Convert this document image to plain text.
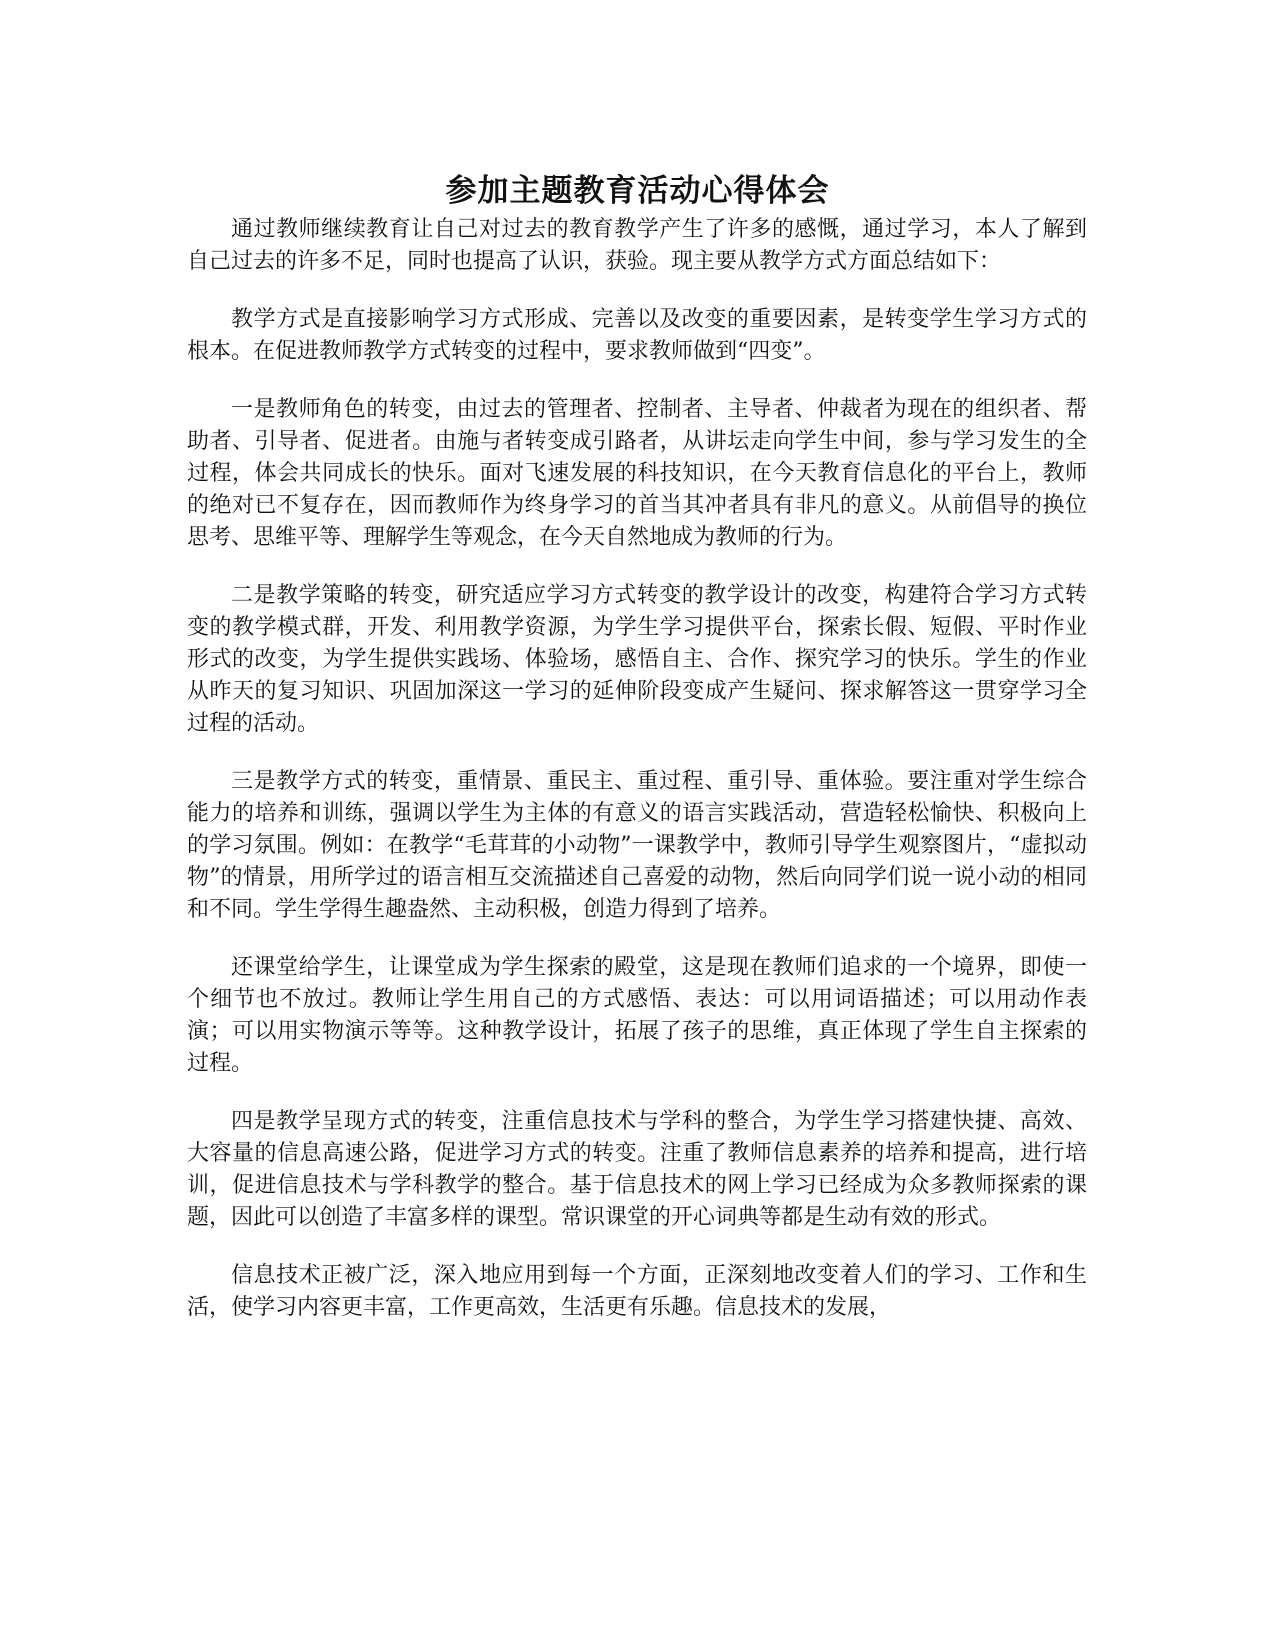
参加主题教育活动心得体会

通过教师继续教育让自己对过去的教育教学产生了许多的感慨，通过学习，本人了解到自己过去的许多不足，同时也提高了认识，获验。现主要从教学方式方面总结如下：

教学方式是直接影响学习方式形成、完善以及改变的重要因素，是转变学生学习方式的根本。在促进教师教学方式转变的过程中，要求教师做到“四变”。

一是教师角色的转变，由过去的管理者、控制者、主导者、仲裁者为现在的组织者、帮助者、引导者、促进者。由施与者转变成引路者，从讲坛走向学生中间，参与学习发生的全过程，体会共同成长的快乐。面对飞速发展的科技知识，在今天教育信息化的平台上，教师的绝对已不复存在，因而教师作为终身学习的首当其冲者具有非凡的意义。从前倡导的换位思考、思维平等、理解学生等观念，在今天自然地成为教师的行为。

二是教学策略的转变，研究适应学习方式转变的教学设计的改变，构建符合学习方式转变的教学模式群，开发、利用教学资源，为学生学习提供平台，探索长假、短假、平时作业形式的改变，为学生提供实践场、体验场，感悟自主、合作、探究学习的快乐。学生的作业从昨天的复习知识、巩固加深这一学习的延伸阶段变成产生疑问、探求解答这一贯穿学习全过程的活动。

三是教学方式的转变，重情景、重民主、重过程、重引导、重体验。要注重对学生综合能力的培养和训练，强调以学生为主体的有意义的语言实践活动，营造轻松愉快、积极向上的学习氛围。例如：在教学“毛茸茸的小动物”一课教学中，教师引导学生观察图片，“虚拟动物”的情景，用所学过的语言相互交流描述自己喜爱的动物，然后向同学们说一说小动的相同和不同。学生学得生趣盎然、主动积极，创造力得到了培养。

还课堂给学生，让课堂成为学生探索的殿堂，这是现在教师们追求的一个境界，即使一个细节也不放过。教师让学生用自己的方式感悟、表达：可以用词语描述；可以用动作表演；可以用实物演示等等。这种教学设计，拓展了孩子的思维，真正体现了学生自主探索的过程。

四是教学呈现方式的转变，注重信息技术与学科的整合，为学生学习搭建快捷、高效、大容量的信息高速公路，促进学习方式的转变。注重了教师信息素养的培养和提高，进行培训，促进信息技术与学科教学的整合。基于信息技术的网上学习已经成为众多教师探索的课题，因此可以创造了丰富多样的课型。常识课堂的开心词典等都是生动有效的形式。

信息技术正被广泛，深入地应用到每一个方面，正深刻地改变着人们的学习、工作和生活，使学习内容更丰富，工作更高效，生活更有乐趣。信息技术的发展，
